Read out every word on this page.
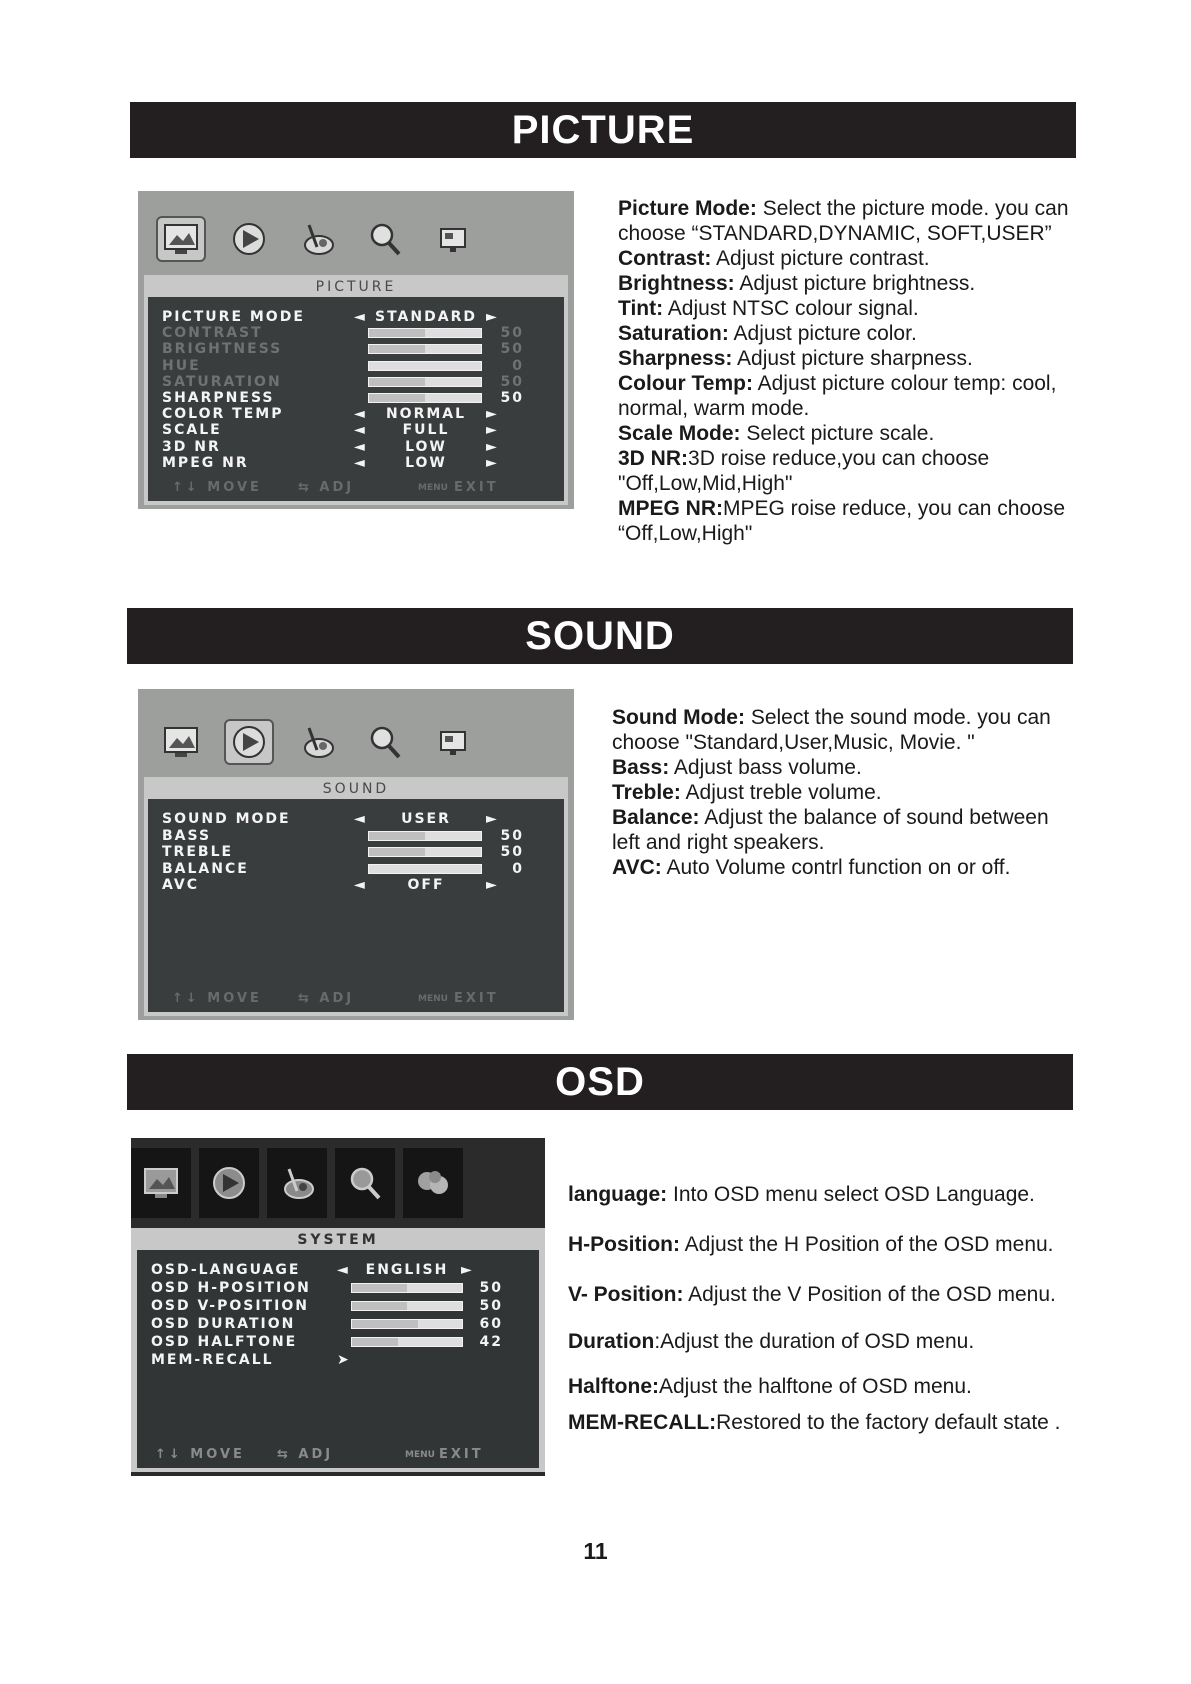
PICTURE
PICTURE
PICTURE MODE	◄ STANDARD ►
CONTRAST	50
BRIGHTNESS	50
HUE	0
SATURATION	50
SHARPNESS	50
COLOR TEMP	◄	NORMAL	►
SCALE	◄	FULL	►
3D NR	◄	LOW	►
MPEG NR	◄	LOW	►
↑↓ MOVE	⇆ ADJ	MENU EXIT

Picture Mode: Select the picture mode. you can choose “STANDARD,DYNAMIC, SOFT,USER”

Contrast: Adjust picture contrast.

Brightness: Adjust picture brightness.

Tint: Adjust NTSC colour signal.

Saturation: Adjust picture color.

Sharpness: Adjust picture sharpness.

Colour Temp: Adjust picture colour temp: cool, normal, warm mode.

Scale Mode: Select picture scale.

3D NR:3D roise reduce,you can choose "Off,Low,Mid,High"

MPEG NR:MPEG roise reduce, you can choose “Off,Low,High"

SOUND
SOUND
SOUND MODE	◄	USER	►
BASS	50
TREBLE	50
BALANCE	0
AVC	◄	OFF	►
↑↓ MOVE	⇆ ADJ	MENU EXIT

Sound Mode: Select the sound mode. you can choose "Standard,User,Music, Movie. "

Bass: Adjust bass volume.

Treble: Adjust treble volume.

Balance: Adjust the balance of sound between left and right speakers.

AVC: Auto Volume contrl function on or off.

OSD
SYSTEM
OSD-LANGUAGE	◄	ENGLISH ►
OSD H-POSITION	50
OSD V-POSITION	50
OSD DURATION	60
OSD HALFTONE	42
MEM-RECALL	➤
↑↓ MOVE ⇆ ADJ	MENU EXIT

language: Into OSD menu select OSD Language.

H-Position: Adjust the H Position of the OSD menu.

V- Position: Adjust the V Position of the OSD menu.

Duration:Adjust the duration of OSD menu.

Halftone:Adjust the halftone of OSD menu.

MEM-RECALL:Restored to the factory default state .

11
